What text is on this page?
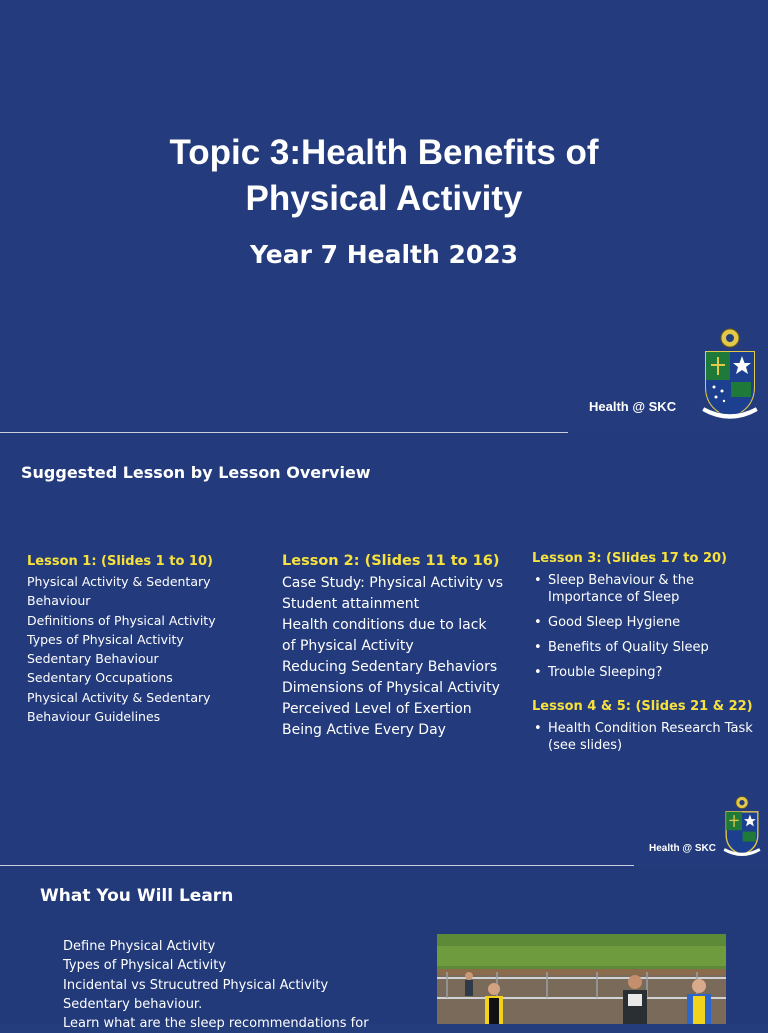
Topic 3:Health Benefits of
Physical Activity
Year 7 Health 2023
Health @ SKC
Suggested Lesson by Lesson Overview
Lesson 1: (Slides 1 to 10)
Physical Activity & Sedentary
Behaviour
Definitions of Physical Activity
Types of Physical Activity
Sedentary Behaviour
Sedentary Occupations
Physical Activity & Sedentary
Behaviour Guidelines
Lesson 2: (Slides 11 to 16)
Case Study: Physical Activity vs
Student attainment
Health conditions due to lack
of Physical Activity
Reducing Sedentary Behaviors
Dimensions of Physical Activity
Perceived Level of Exertion
Being Active Every Day
Lesson 3: (Slides 17 to 20)
• Sleep Behaviour & the Importance of Sleep
• Good Sleep Hygiene
• Benefits of Quality Sleep
• Trouble Sleeping?
Lesson 4 & 5: (Slides 21 & 22)
• Health Condition Research Task (see slides)
Health @ SKC
What You Will Learn
Define Physical Activity
Types of Physical Activity
Incidental vs Strucutred Physical Activity
Sedentary behaviour.
Learn what are the sleep recommendations for
